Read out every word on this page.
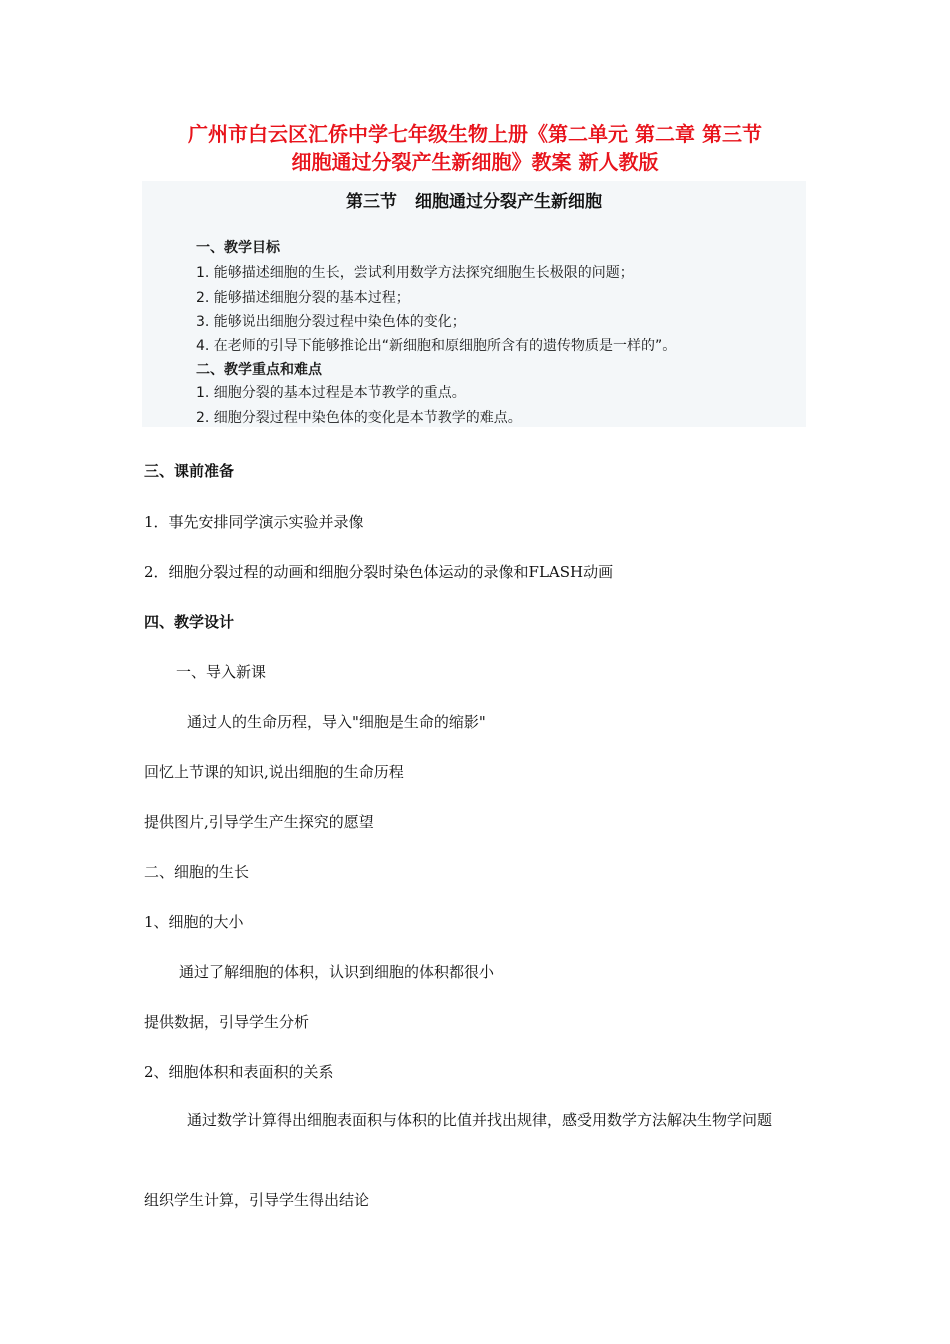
广州市白云区汇侨中学七年级生物上册《第二单元 第二章 第三节
细胞通过分裂产生新细胞》教案 新人教版
第三节 细胞通过分裂产生新细胞
一、教学目标
1. 能够描述细胞的生长，尝试利用数学方法探究细胞生长极限的问题；
2. 能够描述细胞分裂的基本过程；
3. 能够说出细胞分裂过程中染色体的变化；
4. 在老师的引导下能够推论出“新细胞和原细胞所含有的遗传物质是一样的”。
二、教学重点和难点
1. 细胞分裂的基本过程是本节教学的重点。
2. 细胞分裂过程中染色体的变化是本节教学的难点。
三、课前准备
1．事先安排同学演示实验并录像
2．细胞分裂过程的动画和细胞分裂时染色体运动的录像和FLASH动画
四、教学设计
一、导入新课
通过人的生命历程，导入"细胞是生命的缩影"
回忆上节课的知识,说出细胞的生命历程
提供图片,引导学生产生探究的愿望
二、细胞的生长
1、细胞的大小
通过了解细胞的体积，认识到细胞的体积都很小
提供数据，引导学生分析
2、细胞体积和表面积的关系

通过数学计算得出细胞表面积与体积的比值并找出规律，感受用数学方法解决生物学问题

组织学生计算，引导学生得出结论
